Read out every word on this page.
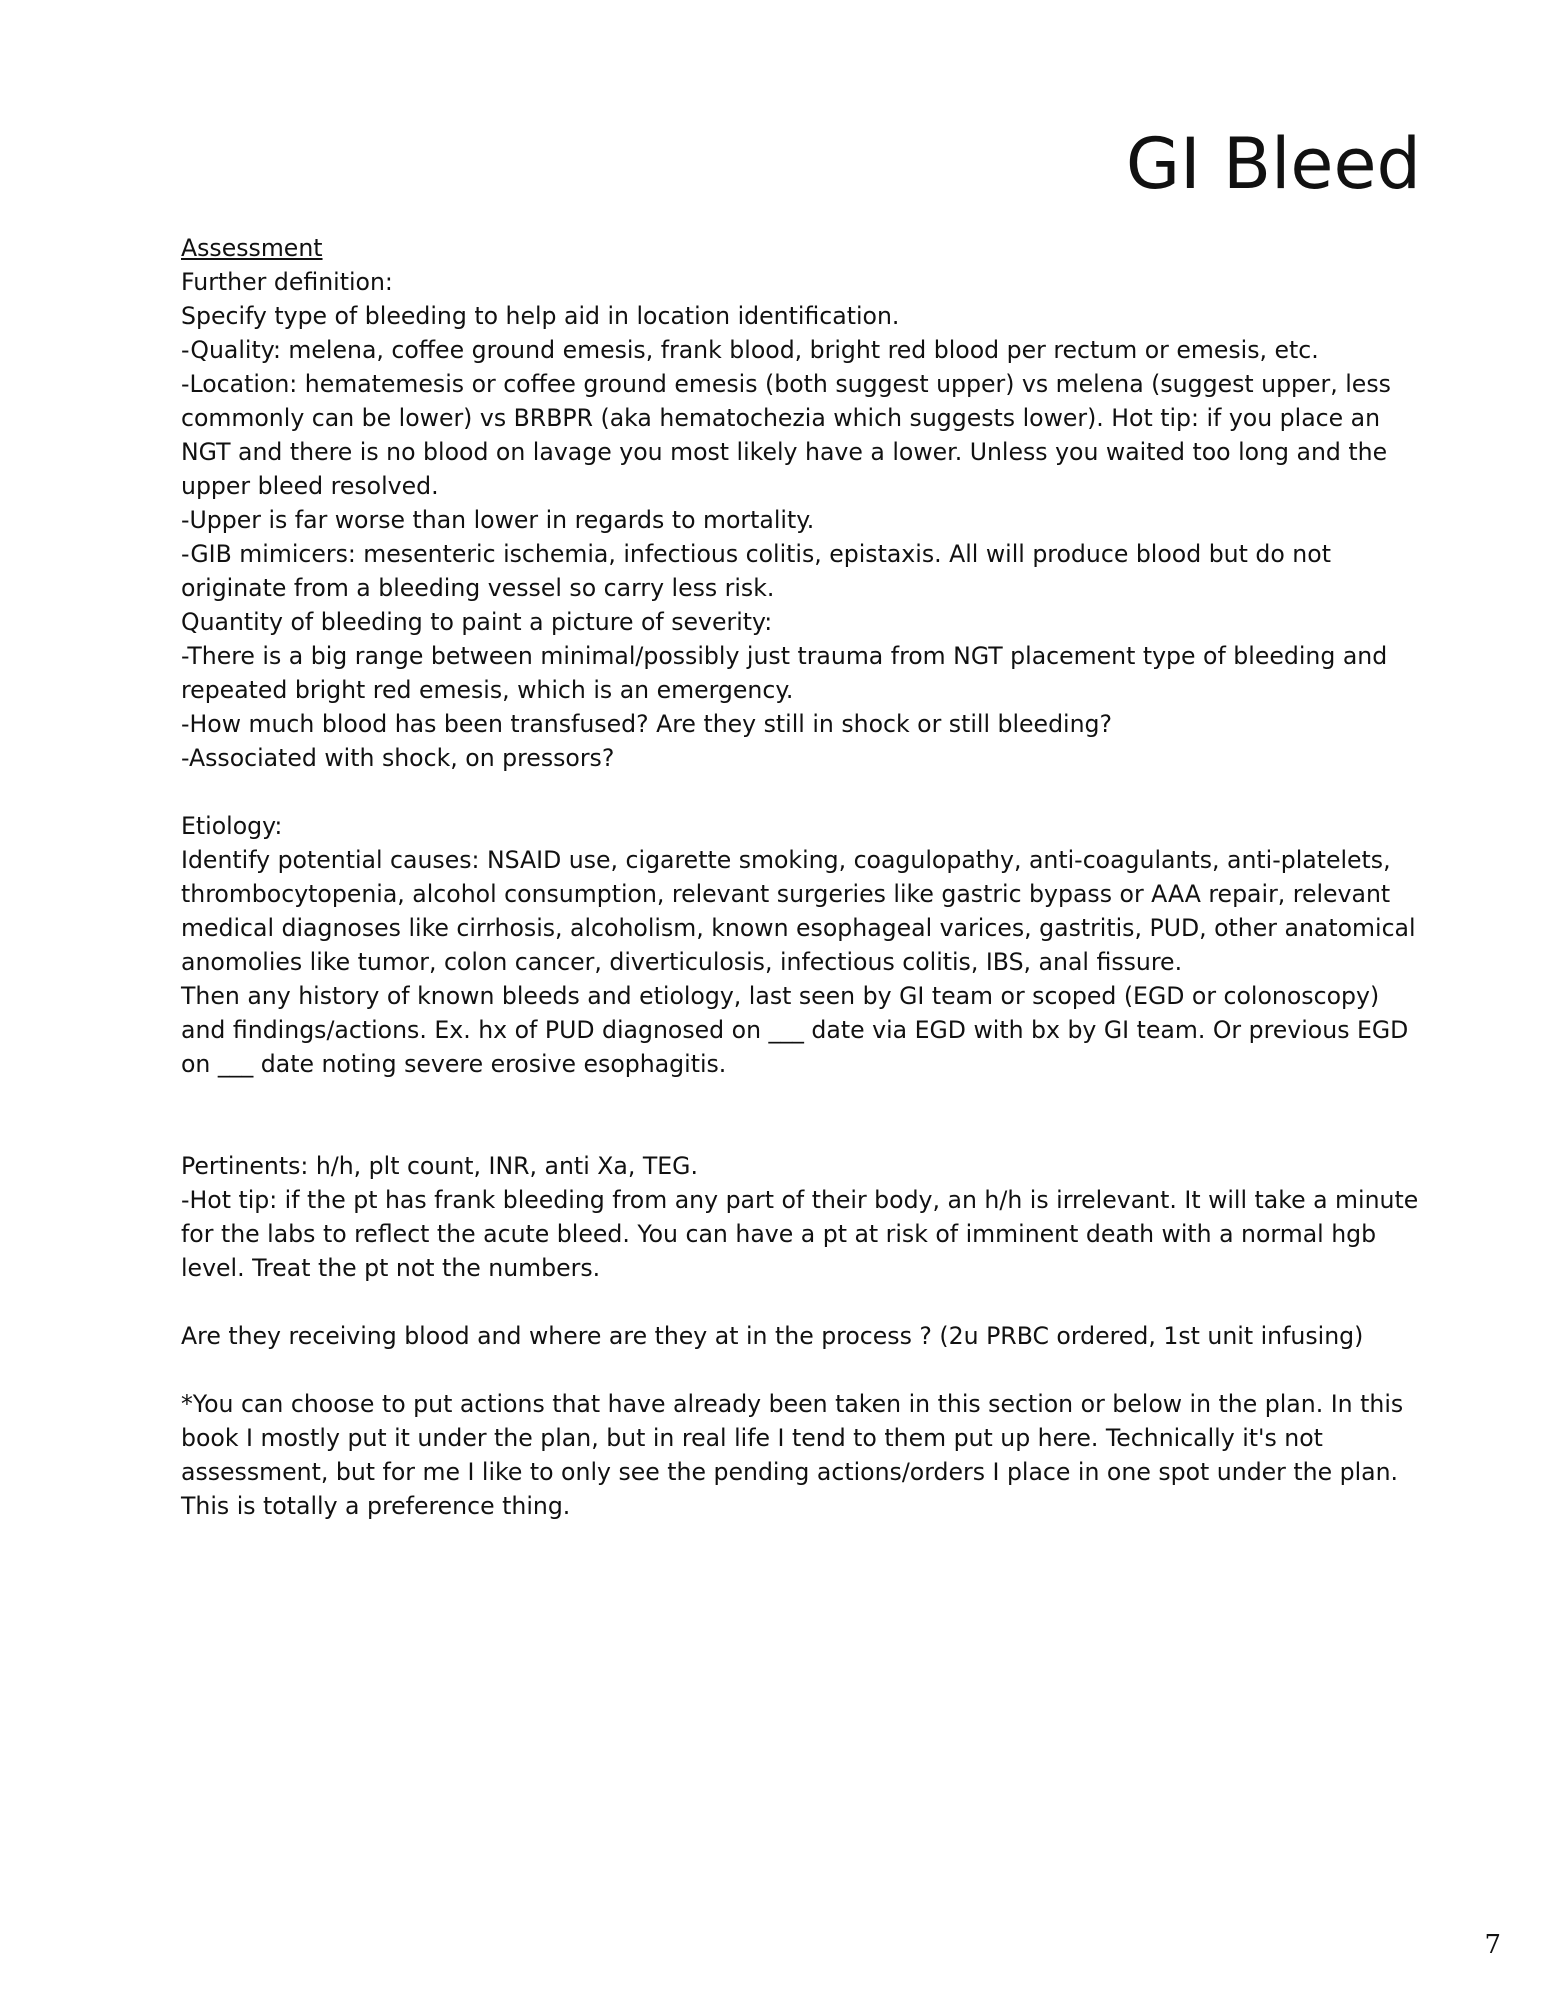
GI Bleed

Assessment

Further definition:

Specify type of bleeding to help aid in location identification.

-Quality: melena, coffee ground emesis, frank blood, bright red blood per rectum or emesis, etc.

-Location: hematemesis or coffee ground emesis (both suggest upper) vs melena (suggest upper, less commonly can be lower) vs BRBPR (aka hematochezia which suggests lower). Hot tip: if you place an NGT and there is no blood on lavage you most likely have a lower. Unless you waited too long and the upper bleed resolved.

-Upper is far worse than lower in regards to mortality.

-GIB mimicers: mesenteric ischemia, infectious colitis, epistaxis. All will produce blood but do not originate from a bleeding vessel so carry less risk.

Quantity of bleeding to paint a picture of severity:

-There is a big range between minimal/possibly just trauma from NGT placement type of bleeding and repeated bright red emesis, which is an emergency.

-How much blood has been transfused? Are they still in shock or still bleeding?

-Associated with shock, on pressors?

Etiology:

Identify potential causes: NSAID use, cigarette smoking, coagulopathy, anti-coagulants, anti-platelets, thrombocytopenia, alcohol consumption, relevant surgeries like gastric bypass or AAA repair, relevant medical diagnoses like cirrhosis, alcoholism, known esophageal varices, gastritis, PUD, other anatomical anomolies like tumor, colon cancer, diverticulosis, infectious colitis, IBS, anal fissure.

Then any history of known bleeds and etiology, last seen by GI team or scoped (EGD or colonoscopy) and findings/actions. Ex. hx of PUD diagnosed on ___ date via EGD with bx by GI team. Or previous EGD on ___ date noting severe erosive esophagitis.

Pertinents: h/h, plt count, INR, anti Xa, TEG.

-Hot tip: if the pt has frank bleeding from any part of their body, an h/h is irrelevant. It will take a minute for the labs to reflect the acute bleed. You can have a pt at risk of imminent death with a normal hgb level. Treat the pt not the numbers.

Are they receiving blood and where are they at in the process ? (2u PRBC ordered, 1st unit infusing)

*You can choose to put actions that have already been taken in this section or below in the plan. In this book I mostly put it under the plan, but in real life I tend to them put up here. Technically it's not assessment, but for me I like to only see the pending actions/orders I place in one spot under the plan. This is totally a preference thing.

7
